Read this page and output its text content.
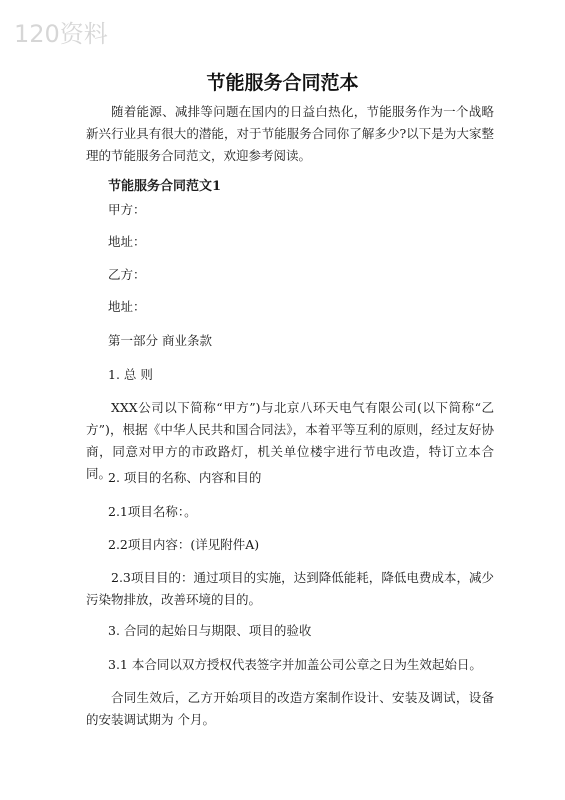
120资料
节能服务合同范本
随着能源、减排等问题在国内的日益白热化，节能服务作为一个战略新兴行业具有很大的潜能，对于节能服务合同你了解多少?以下是为大家整理的节能服务合同范文，欢迎参考阅读。
节能服务合同范文1
甲方：
地址：
乙方：
地址：
第一部分 商业条款
1. 总 则
XXX公司以下简称“甲方”)与北京八环天电气有限公司(以下简称“乙方”)，根据《中华人民共和国合同法》，本着平等互利的原则，经过友好协商，同意对甲方的市政路灯，机关单位楼宇进行节电改造，特订立本合同。
2. 项目的名称、内容和目的
2.1项目名称：。
2.2项目内容：(详见附件A)
2.3项目目的：通过项目的实施，达到降低能耗，降低电费成本，减少污染物排放，改善环境的目的。
3. 合同的起始日与期限、项目的验收
3.1 本合同以双方授权代表签字并加盖公司公章之日为生效起始日。
合同生效后，乙方开始项目的改造方案制作设计、安装及调试，设备的安装调试期为 个月。
